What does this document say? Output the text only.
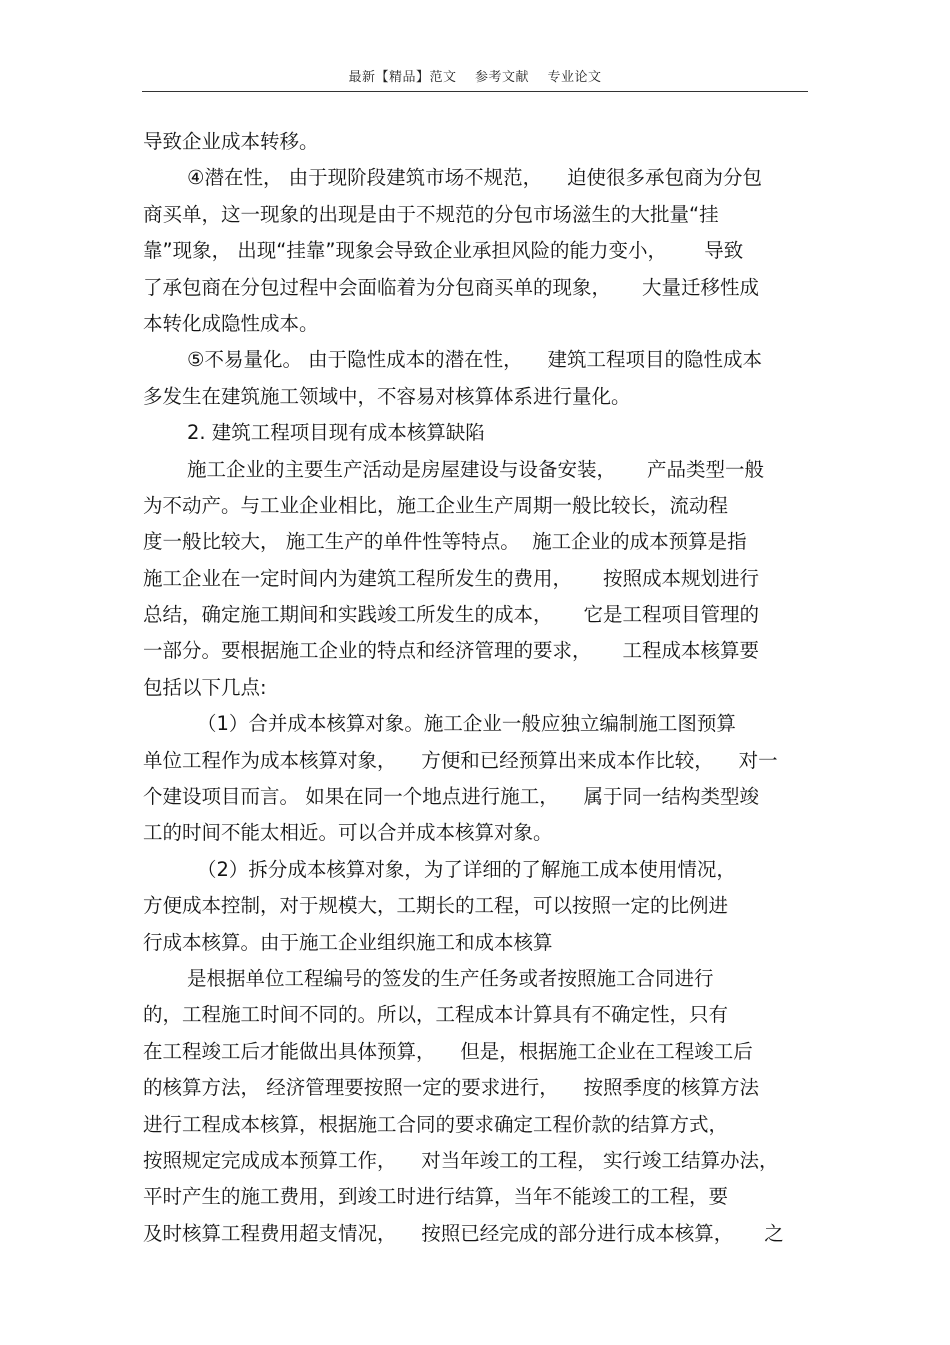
最新【精品】范文    参考文献    专业论文
导致企业成本转移。
④潜在性， 由于现阶段建筑市场不规范，    迫使很多承包商为分包
商买单，这一现象的出现是由于不规范的分包市场滋生的大批量“挂
靠”现象， 出现“挂靠”现象会导致企业承担风险的能力变小，      导致
了承包商在分包过程中会面临着为分包商买单的现象，     大量迁移性成
本转化成隐性成本。
⑤不易量化。 由于隐性成本的潜在性，    建筑工程项目的隐性成本
多发生在建筑施工领域中，不容易对核算体系进行量化。
2. 建筑工程项目现有成本核算缺陷
施工企业的主要生产活动是房屋建设与设备安装，     产品类型一般
为不动产。与工业企业相比，施工企业生产周期一般比较长，流动程
度一般比较大， 施工生产的单件性等特点。  施工企业的成本预算是指
施工企业在一定时间内为建筑工程所发生的费用，     按照成本规划进行
总结，确定施工期间和实践竣工所发生的成本，     它是工程项目管理的
一部分。要根据施工企业的特点和经济管理的要求，     工程成本核算要
包括以下几点:
（1）合并成本核算对象。施工企业一般应独立编制施工图预算
单位工程作为成本核算对象，    方便和已经预算出来成本作比较，    对一
个建设项目而言。 如果在同一个地点进行施工，    属于同一结构类型竣
工的时间不能太相近。可以合并成本核算对象。
（2）拆分成本核算对象，为了详细的了解施工成本使用情况，
方便成本控制，对于规模大，工期长的工程，可以按照一定的比例进
行成本核算。由于施工企业组织施工和成本核算
是根据单位工程编号的签发的生产任务或者按照施工合同进行
的，工程施工时间不同的。所以，工程成本计算具有不确定性，只有
在工程竣工后才能做出具体预算，    但是，根据施工企业在工程竣工后
的核算方法， 经济管理要按照一定的要求进行，    按照季度的核算方法
进行工程成本核算，根据施工合同的要求确定工程价款的结算方式，
按照规定完成成本预算工作，    对当年竣工的工程， 实行竣工结算办法，
平时产生的施工费用，到竣工时进行结算，当年不能竣工的工程，要
及时核算工程费用超支情况，    按照已经完成的部分进行成本核算，     之
